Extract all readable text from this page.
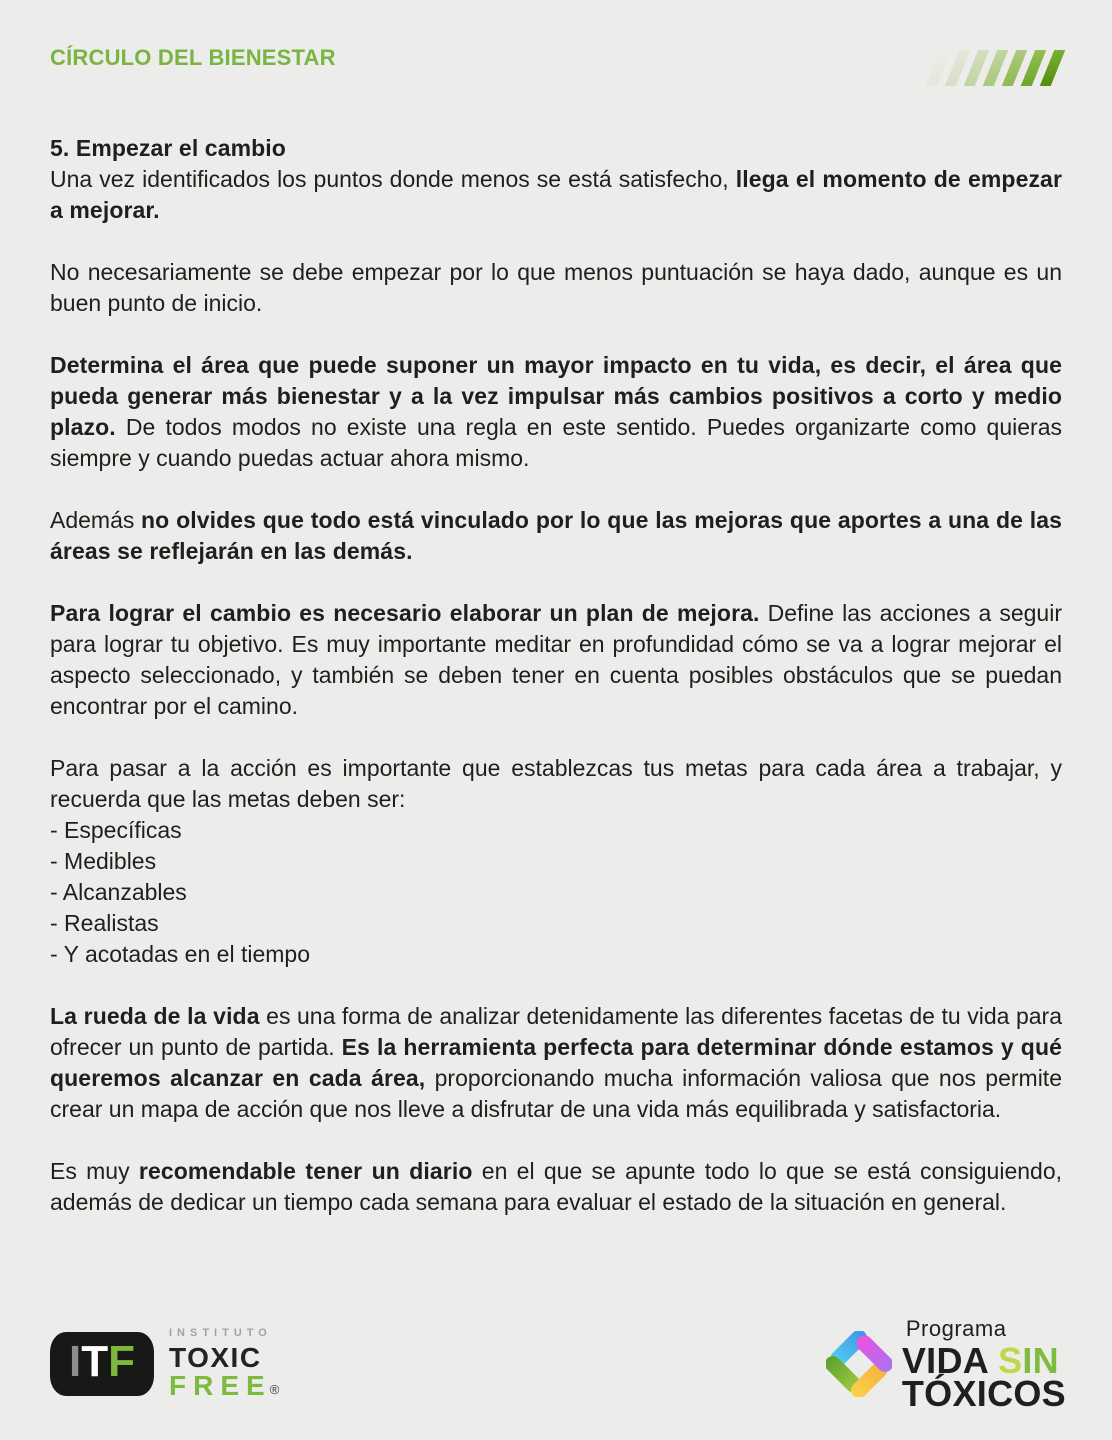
CÍRCULO DEL BIENESTAR
5. Empezar el cambio

Una vez identificados los puntos donde menos se está satisfecho, llega el momento de empezar a mejorar.

No necesariamente se debe empezar por lo que menos puntuación se haya dado, aunque es un buen punto de inicio.

Determina el área que puede suponer un mayor impacto en tu vida, es decir, el área que pueda generar más bienestar y a la vez impulsar más cambios positivos a corto y medio plazo. De todos modos no existe una regla en este sentido. Puedes organizarte como quieras siempre y cuando puedas actuar ahora mismo.

Además no olvides que todo está vinculado por lo que las mejoras que aportes a una de las áreas se reflejarán en las demás.

Para lograr el cambio es necesario elaborar un plan de mejora. Define las acciones a seguir para lograr tu objetivo. Es muy importante meditar en profundidad cómo se va a lograr mejorar el aspecto seleccionado, y también se deben tener en cuenta posibles obstáculos que se puedan encontrar por el camino.

Para pasar a la acción es importante que establezcas tus metas para cada área a trabajar, y recuerda que las metas deben ser:

- Específicas
- Medibles
- Alcanzables
- Realistas
- Y acotadas en el tiempo

La rueda de la vida es una forma de analizar detenidamente las diferentes facetas de tu vida para ofrecer un punto de partida. Es la herramienta perfecta para determinar dónde estamos y qué queremos alcanzar en cada área, proporcionando mucha información valiosa que nos permite crear un mapa de acción que nos lleve a disfrutar de una vida más equilibrada y satisfactoria.

Es muy recomendable tener un diario en el que se apunte todo lo que se está consiguiendo, además de dedicar un tiempo cada semana para evaluar el estado de la situación en general.

I T F
INSTITUTO
TOXIC
FREE
®
Programa
VIDA SIN
TÓXICOS
